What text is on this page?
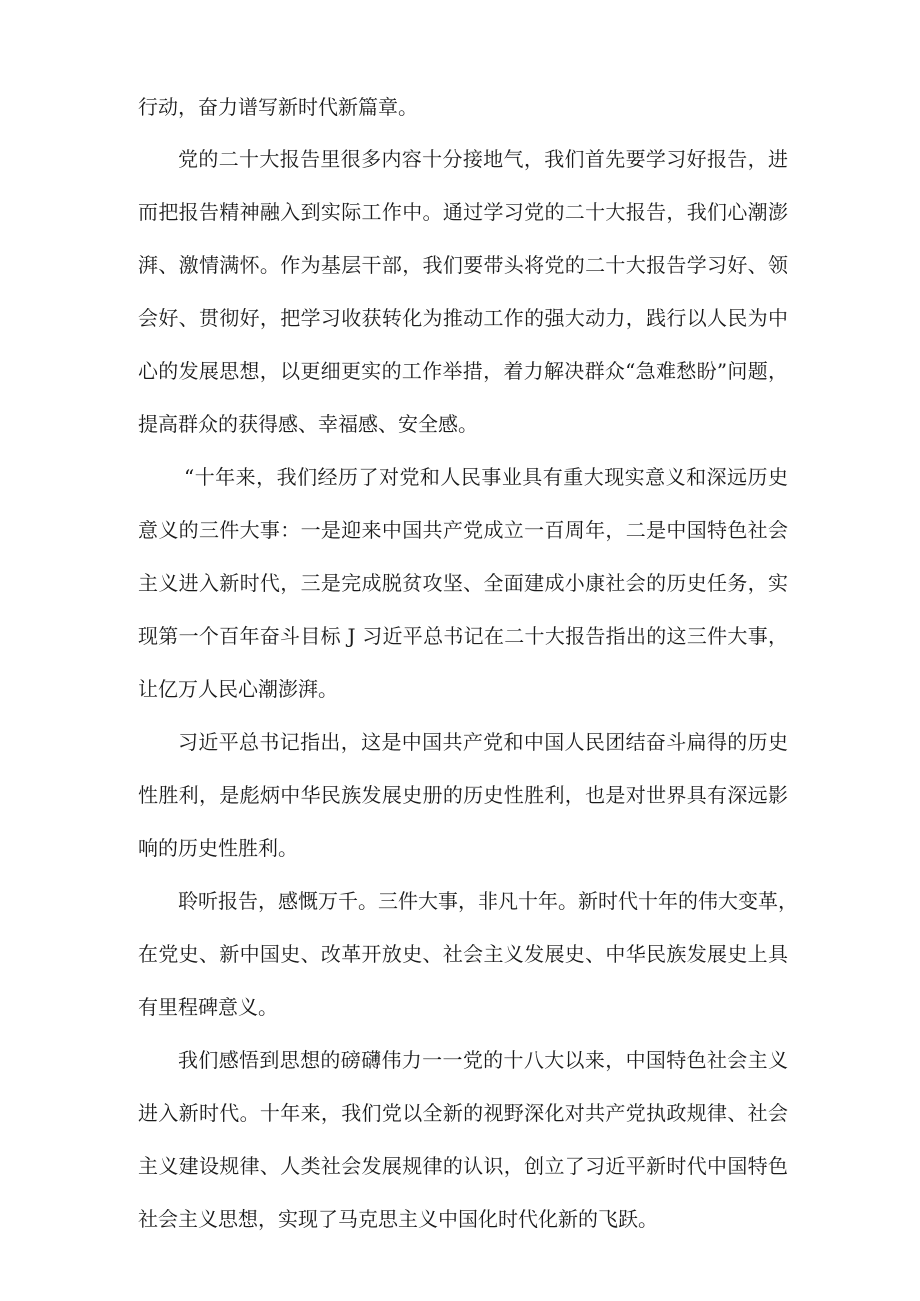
行动，奋力谱写新时代新篇章。
党的二十大报告里很多内容十分接地气，我们首先要学习好报告，进
而把报告精神融入到实际工作中。通过学习党的二十大报告，我们心潮澎
湃、激情满怀。作为基层干部，我们要带头将党的二十大报告学习好、领
会好、贯彻好，把学习收获转化为推动工作的强大动力，践行以人民为中
心的发展思想，以更细更实的工作举措，着力解决群众“急难愁盼”问题，
提高群众的获得感、幸福感、安全感。
“十年来，我们经历了对党和人民事业具有重大现实意义和深远历史
意义的三件大事：一是迎来中国共产党成立一百周年，二是中国特色社会
主义进入新时代，三是完成脱贫攻坚、全面建成小康社会的历史任务，实
现第一个百年奋斗目标 J 习近平总书记在二十大报告指出的这三件大事，
让亿万人民心潮澎湃。
习近平总书记指出，这是中国共产党和中国人民团结奋斗扁得的历史
性胜利，是彪炳中华民族发展史册的历史性胜利，也是对世界具有深远影
响的历史性胜利。
聆听报告，感慨万千。三件大事，非凡十年。新时代十年的伟大变革，
在党史、新中国史、改革开放史、社会主义发展史、中华民族发展史上具
有里程碑意义。
我们感悟到思想的磅礴伟力一一党的十八大以来，中国特色社会主义
进入新时代。十年来，我们党以全新的视野深化对共产党执政规律、社会
主义建设规律、人类社会发展规律的认识，创立了习近平新时代中国特色
社会主义思想，实现了马克思主义中国化时代化新的飞跃。
